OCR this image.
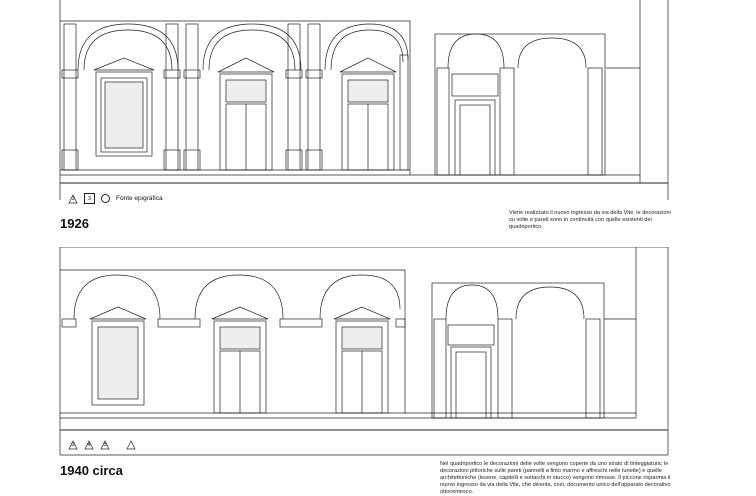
3	3	Fonte epigrafica
1926
Viene realizzato il nuovo ingresso da via della Vite; le decorazioni su volte e pareti sono in continuità con quelle esistenti del quadriportico.
3 4 5
1940 circa	Nel quadriportico le decorazioni delle volte vengono coperte da uno strato di tinteggiatura; le decorazioni pittoriche sulle pareti (pannelli a finto marmo e affreschi nelle lunette) e quelle architettoniche (lesene, capitelli e sottarchi in stucco) vengono rimosse. Il piccone risparmia il nuovo ingresso da via della Vite, che diventa, così, documento unico dell'apparato decorativo ottocentesco.
